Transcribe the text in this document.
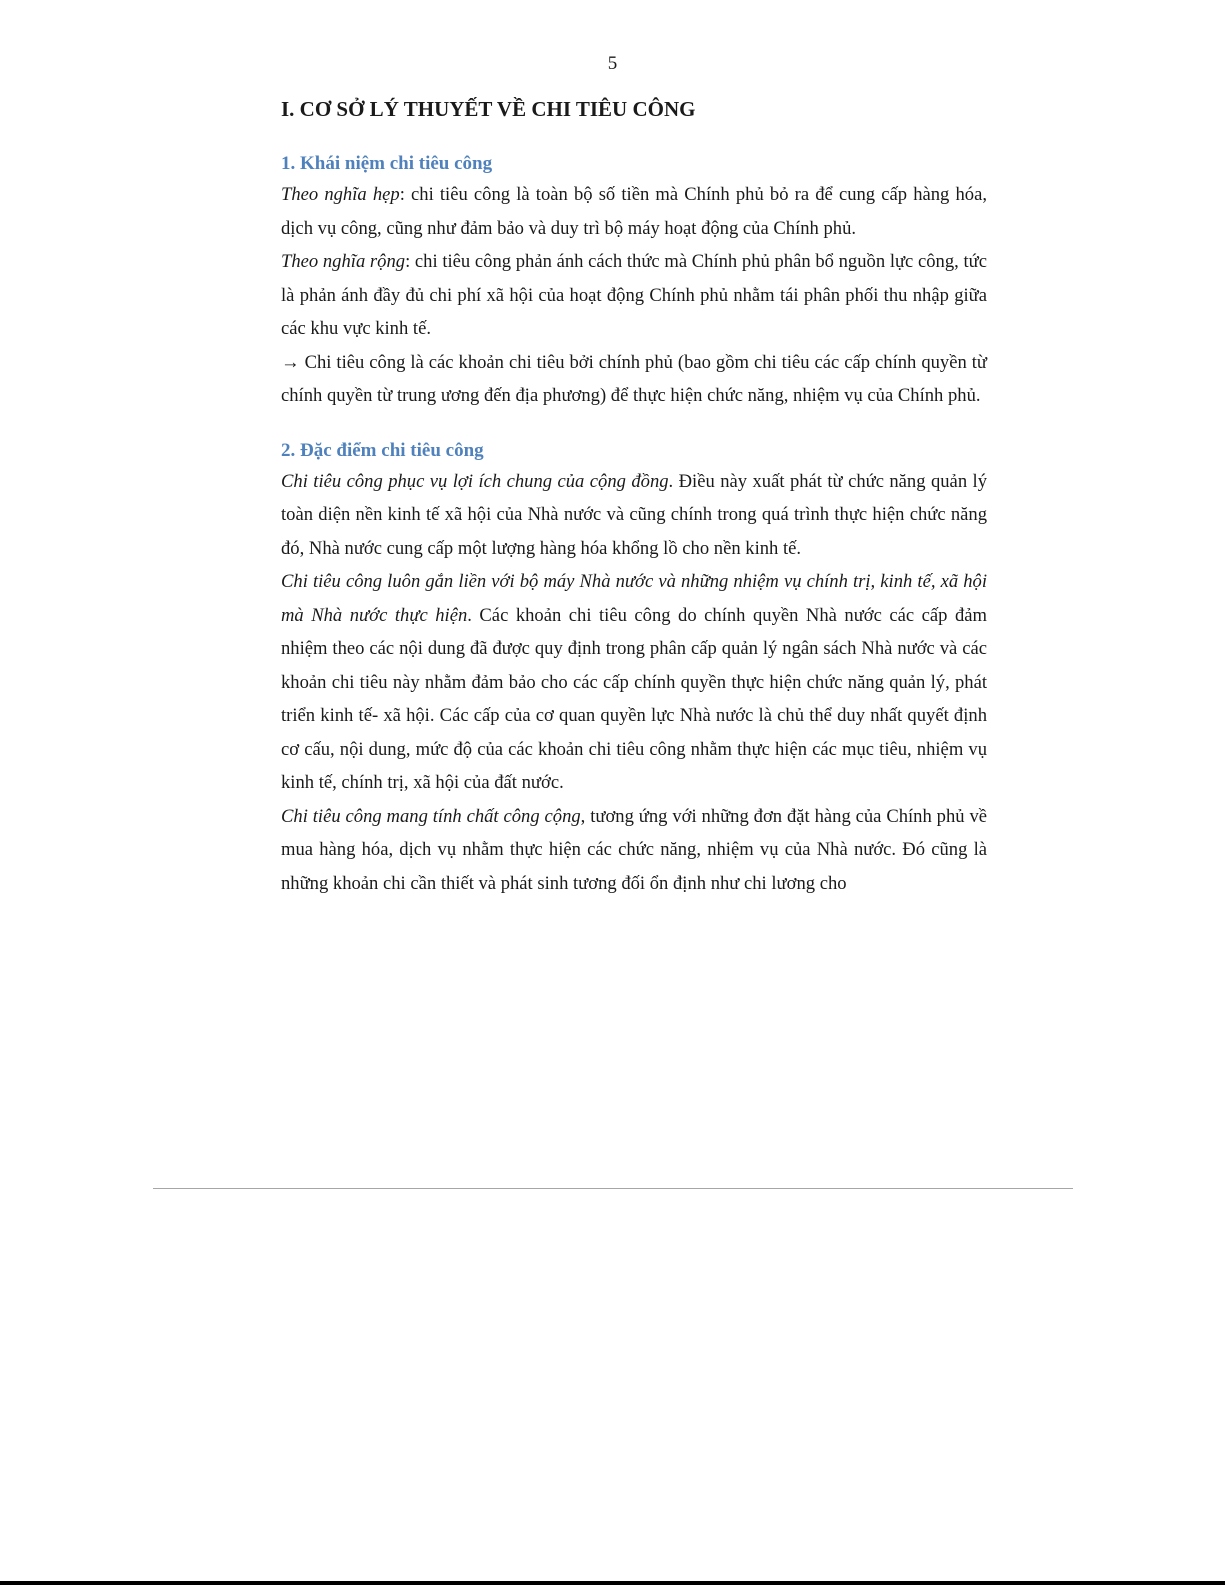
5
I. CƠ SỞ LÝ THUYẾT VỀ CHI TIÊU CÔNG
1. Khái niệm chi tiêu công

Theo nghĩa hẹp: chi tiêu công là toàn bộ số tiền mà Chính phủ bỏ ra để cung cấp hàng hóa, dịch vụ công, cũng như đảm bảo và duy trì bộ máy hoạt động của Chính phủ.

Theo nghĩa rộng: chi tiêu công phản ánh cách thức mà Chính phủ phân bổ nguồn lực công, tức là phản ánh đầy đủ chi phí xã hội của hoạt động Chính phủ nhằm tái phân phối thu nhập giữa các khu vực kinh tế.

→ Chi tiêu công là các khoản chi tiêu bởi chính phủ (bao gồm chi tiêu các cấp chính quyền từ chính quyền từ trung ương đến địa phương) để thực hiện chức năng, nhiệm vụ của Chính phủ.

2. Đặc điểm chi tiêu công

Chi tiêu công phục vụ lợi ích chung của cộng đồng. Điều này xuất phát từ chức năng quản lý toàn diện nền kinh tế xã hội của Nhà nước và cũng chính trong quá trình thực hiện chức năng đó, Nhà nước cung cấp một lượng hàng hóa khổng lồ cho nền kinh tế.

Chi tiêu công luôn gắn liền với bộ máy Nhà nước và những nhiệm vụ chính trị, kinh tế, xã hội mà Nhà nước thực hiện. Các khoản chi tiêu công do chính quyền Nhà nước các cấp đảm nhiệm theo các nội dung đã được quy định trong phân cấp quản lý ngân sách Nhà nước và các khoản chi tiêu này nhằm đảm bảo cho các cấp chính quyền thực hiện chức năng quản lý, phát triển kinh tế- xã hội. Các cấp của cơ quan quyền lực Nhà nước là chủ thể duy nhất quyết định cơ cấu, nội dung, mức độ của các khoản chi tiêu công nhằm thực hiện các mục tiêu, nhiệm vụ kinh tế, chính trị, xã hội của đất nước.

Chi tiêu công mang tính chất công cộng, tương ứng với những đơn đặt hàng của Chính phủ về mua hàng hóa, dịch vụ nhằm thực hiện các chức năng, nhiệm vụ của Nhà nước. Đó cũng là những khoản chi cần thiết và phát sinh tương đối ổn định như chi lương cho
